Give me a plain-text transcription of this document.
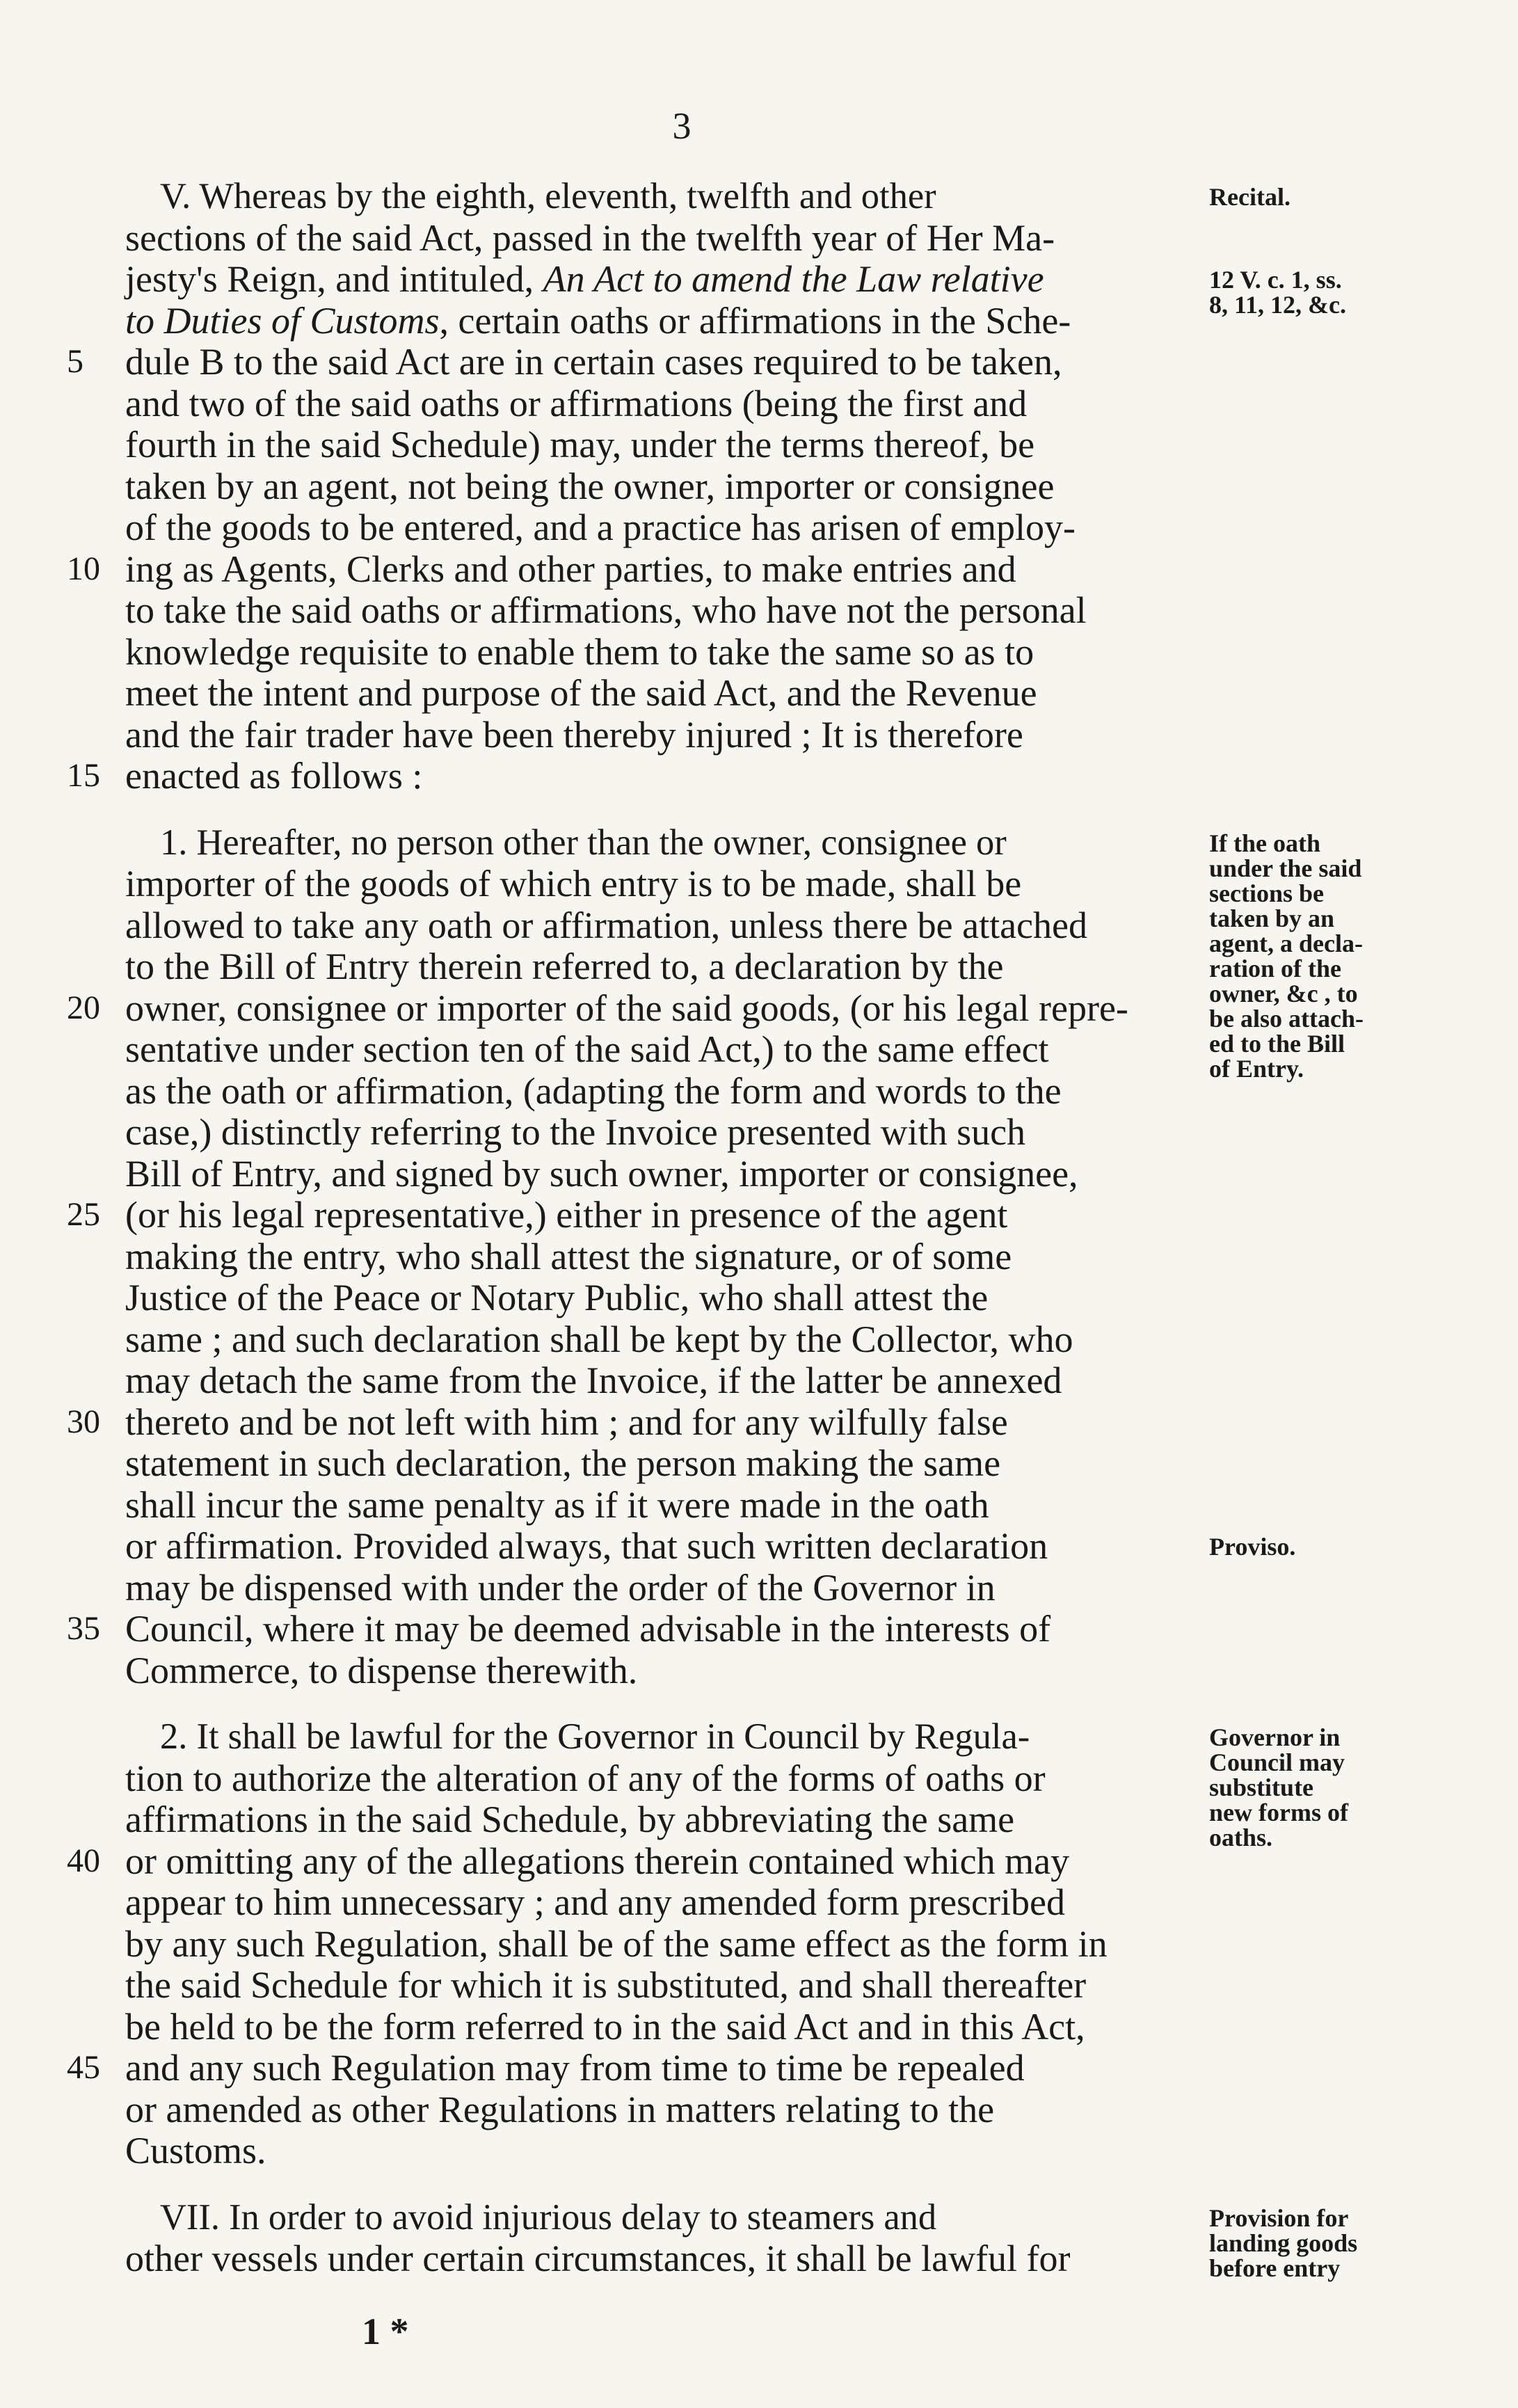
3
V. Whereas by the eighth, eleventh, twelfth and other
sections of the said Act, passed in the twelfth year of Her Ma-
jesty's Reign, and intituled, An Act to amend the Law relative
to Duties of Customs, certain oaths or affirmations in the Sche-
dule B to the said Act are in certain cases required to be taken,
5
and two of the said oaths or affirmations (being the first and
fourth in the said Schedule) may, under the terms thereof, be
taken by an agent, not being the owner, importer or consignee
of the goods to be entered, and a practice has arisen of employ-
ing as Agents, Clerks and other parties, to make entries and
10
to take the said oaths or affirmations, who have not the personal
knowledge requisite to enable them to take the same so as to
meet the intent and purpose of the said Act, and the Revenue
and the fair trader have been thereby injured ; It is therefore
enacted as follows :
15
1. Hereafter, no person other than the owner, consignee or
importer of the goods of which entry is to be made, shall be
allowed to take any oath or affirmation, unless there be attached
to the Bill of Entry therein referred to, a declaration by the
owner, consignee or importer of the said goods, (or his legal repre-
20
sentative under section ten of the said Act,) to the same effect
as the oath or affirmation, (adapting the form and words to the
case,) distinctly referring to the Invoice presented with such
Bill of Entry, and signed by such owner, importer or consignee,
(or his legal representative,) either in presence of the agent
25
making the entry, who shall attest the signature, or of some
Justice of the Peace or Notary Public, who shall attest the
same ; and such declaration shall be kept by the Collector, who
may detach the same from the Invoice, if the latter be annexed
thereto and be not left with him ; and for any wilfully false
30
statement in such declaration, the person making the same
shall incur the same penalty as if it were made in the oath
or affirmation. Provided always, that such written declaration
may be dispensed with under the order of the Governor in
Council, where it may be deemed advisable in the interests of
35
Commerce, to dispense therewith.
2. It shall be lawful for the Governor in Council by Regula-
tion to authorize the alteration of any of the forms of oaths or
affirmations in the said Schedule, by abbreviating the same
or omitting any of the allegations therein contained which may
40
appear to him unnecessary ; and any amended form prescribed
by any such Regulation, shall be of the same effect as the form in
the said Schedule for which it is substituted, and shall thereafter
be held to be the form referred to in the said Act and in this Act,
and any such Regulation may from time to time be repealed
45
or amended as other Regulations in matters relating to the
Customs.
VII. In order to avoid injurious delay to steamers and
other vessels under certain circumstances, it shall be lawful for
Recital.
12 V. c. 1, ss.
8, 11, 12, &c.
If the oath
under the said
sections be
taken by an
agent, a decla-
ration of the
owner, &c , to
be also attach-
ed to the Bill
of Entry.
Proviso.
Governor in
Council may
substitute
new forms of
oaths.
Provision for
landing goods
before entry
1 *
